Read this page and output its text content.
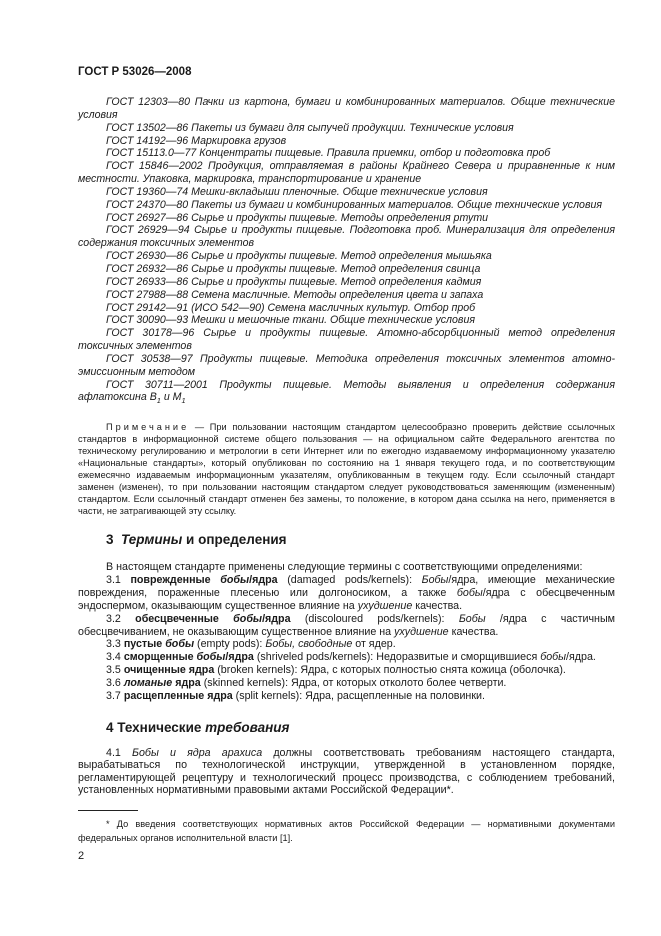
ГОСТ Р 53026—2008

ГОСТ 12303—80 Пачки из картона, бумаги и комбинированных материалов. Общие технические условия

ГОСТ 13502—86 Пакеты из бумаги для сыпучей продукции. Технические условия

ГОСТ 14192—96 Маркировка грузов

ГОСТ 15113.0—77 Концентраты пищевые. Правила приемки, отбор и подготовка проб

ГОСТ 15846—2002 Продукция, отправляемая в районы Крайнего Севера и приравненные к ним местности. Упаковка, маркировка, транспортирование и хранение

ГОСТ 19360—74 Мешки-вкладыши пленочные. Общие технические условия

ГОСТ 24370—80 Пакеты из бумаги и комбинированных материалов. Общие технические условия

ГОСТ 26927—86 Сырье и продукты пищевые. Методы определения ртути

ГОСТ 26929—94 Сырье и продукты пищевые. Подготовка проб. Минерализация для определения содержания токсичных элементов

ГОСТ 26930—86 Сырье и продукты пищевые. Метод определения мышьяка

ГОСТ 26932—86 Сырье и продукты пищевые. Метод определения свинца

ГОСТ 26933—86 Сырье и продукты пищевые. Метод определения кадмия

ГОСТ 27988—88 Семена масличные. Методы определения цвета и запаха

ГОСТ 29142—91 (ИСО 542—90) Семена масличных культур. Отбор проб

ГОСТ 30090—93 Мешки и мешочные ткани. Общие технические условия

ГОСТ 30178—96 Сырье и продукты пищевые. Атомно-абсорбционный метод определения токсичных элементов

ГОСТ 30538—97 Продукты пищевые. Методика определения токсичных элементов атомно-эмиссионным методом

ГОСТ 30711—2001 Продукты пищевые. Методы выявления и определения содержания афлатоксина $B_1$ и $M_1$

Примечание — При пользовании настоящим стандартом целесообразно проверить действие ссылочных стандартов в информационной системе общего пользования — на официальном сайте Федерального агентства по техническому регулированию и метрологии в сети Интернет или по ежегодно издаваемому информационному указателю «Национальные стандарты», который опубликован по состоянию на 1 января текущего года, и по соответствующим ежемесячно издаваемым информационным указателям, опубликованным в текущем году. Если ссылочный стандарт заменен (изменен), то при пользовании настоящим стандартом следует руководствоваться заменяющим (измененным) стандартом. Если ссылочный стандарт отменен без замены, то положение, в котором дана ссылка на него, применяется в части, не затрагивающей эту ссылку.

3 Термины и определения

В настоящем стандарте применены следующие термины с соответствующими определениями:

3.1 поврежденные бобы/ядра (damaged pods/kernels): Бобы/ядра, имеющие механические повреждения, пораженные плесенью или долгоносиком, а также бобы/ядра с обесцвеченным эндоспермом, оказывающим существенное влияние на ухудшение качества.

3.2 обесцвеченные бобы/ядра (discoloured pods/kernels): Бобы /ядра с частичным обесцвечиванием, не оказывающим существенное влияние на ухудшение качества.

3.3 пустые бобы (empty pods): Бобы, свободные от ядер.

3.4 сморщенные бобы/ядра (shriveled pods/kernels): Недоразвитые и сморщившиеся бобы/ядра.

3.5 очищенные ядра (broken kernels): Ядра, с которых полностью снята кожица (оболочка).

3.6 ломаные ядра (skinned kernels): Ядра, от которых отколото более четверти.

3.7 расщепленные ядра (split kernels): Ядра, расщепленные на половинки.

4 Технические требования

4.1 Бобы и ядра арахиса должны соответствовать требованиям настоящего стандарта, вырабатываться по технологической инструкции, утвержденной в установленном порядке, регламентирующей рецептуру и технологический процесс производства, с соблюдением требований, установленных нормативными правовыми актами Российской Федерации*.

* До введения соответствующих нормативных актов Российской Федерации — нормативными документами федеральных органов исполнительной власти [1].

2
